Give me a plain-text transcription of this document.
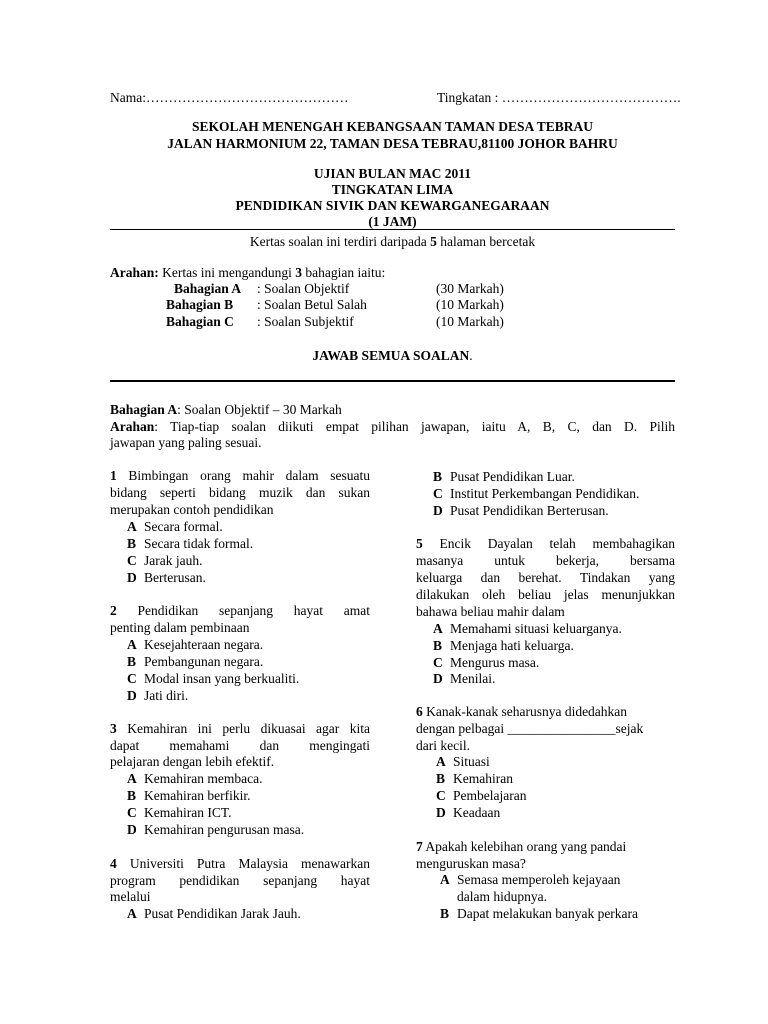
Nama:………………………………………	Tingkatan : ………………………………….
SEKOLAH MENENGAH KEBANGSAAN TAMAN DESA TEBRAU
JALAN HARMONIUM 22, TAMAN DESA TEBRAU,81100 JOHOR BAHRU
UJIAN BULAN MAC 2011
TINGKATAN LIMA
PENDIDIKAN SIVIK DAN KEWARGANEGARAAN
(1 JAM)
Kertas soalan ini terdiri daripada 5 halaman bercetak
Arahan: Kertas ini mengandungi 3 bahagian iaitu:
Bahagian A : Soalan Objektif	(30 Markah)
Bahagian B : Soalan Betul Salah	(10 Markah)
Bahagian C : Soalan Subjektif	(10 Markah)
JAWAB SEMUA SOALAN.
Bahagian A: Soalan Objektif – 30 Markah
Arahan: Tiap-tiap soalan diikuti empat pilihan jawapan, iaitu A, B, C, dan D. Pilih
jawapan yang paling sesuai.
1 Bimbingan orang mahir dalam sesuatu
bidang seperti bidang muzik dan sukan
merupakan contoh pendidikan
A Secara formal.
B Secara tidak formal.
C Jarak jauh.
D Berterusan.
2 Pendidikan sepanjang hayat amat
penting dalam pembinaan
A Kesejahteraan negara.
B Pembangunan negara.
C Modal insan yang berkualiti.
D Jati diri.
3 Kemahiran ini perlu dikuasai agar kita
dapat memahami dan mengingati
pelajaran dengan lebih efektif.
A Kemahiran membaca.
B Kemahiran berfikir.
C Kemahiran ICT.
D Kemahiran pengurusan masa.
4 Universiti Putra Malaysia menawarkan
program pendidikan sepanjang hayat
melalui
A Pusat Pendidikan Jarak Jauh.
B Pusat Pendidikan Luar.
C Institut Perkembangan Pendidikan.
D Pusat Pendidikan Berterusan.
5 Encik Dayalan telah membahagikan
masanya untuk bekerja, bersama
keluarga dan berehat. Tindakan yang
dilakukan oleh beliau jelas menunjukkan
bahawa beliau mahir dalam
A Memahami situasi keluarganya.
B Menjaga hati keluarga.
C Mengurus masa.
D Menilai.
6 Kanak-kanak seharusnya didedahkan
dengan pelbagai ________________sejak
dari kecil.
A Situasi
B Kemahiran
C Pembelajaran
D Keadaan
7 Apakah kelebihan orang yang pandai
menguruskan masa?
A Semasa memperoleh kejayaan
dalam hidupnya.
B Dapat melakukan banyak perkara
